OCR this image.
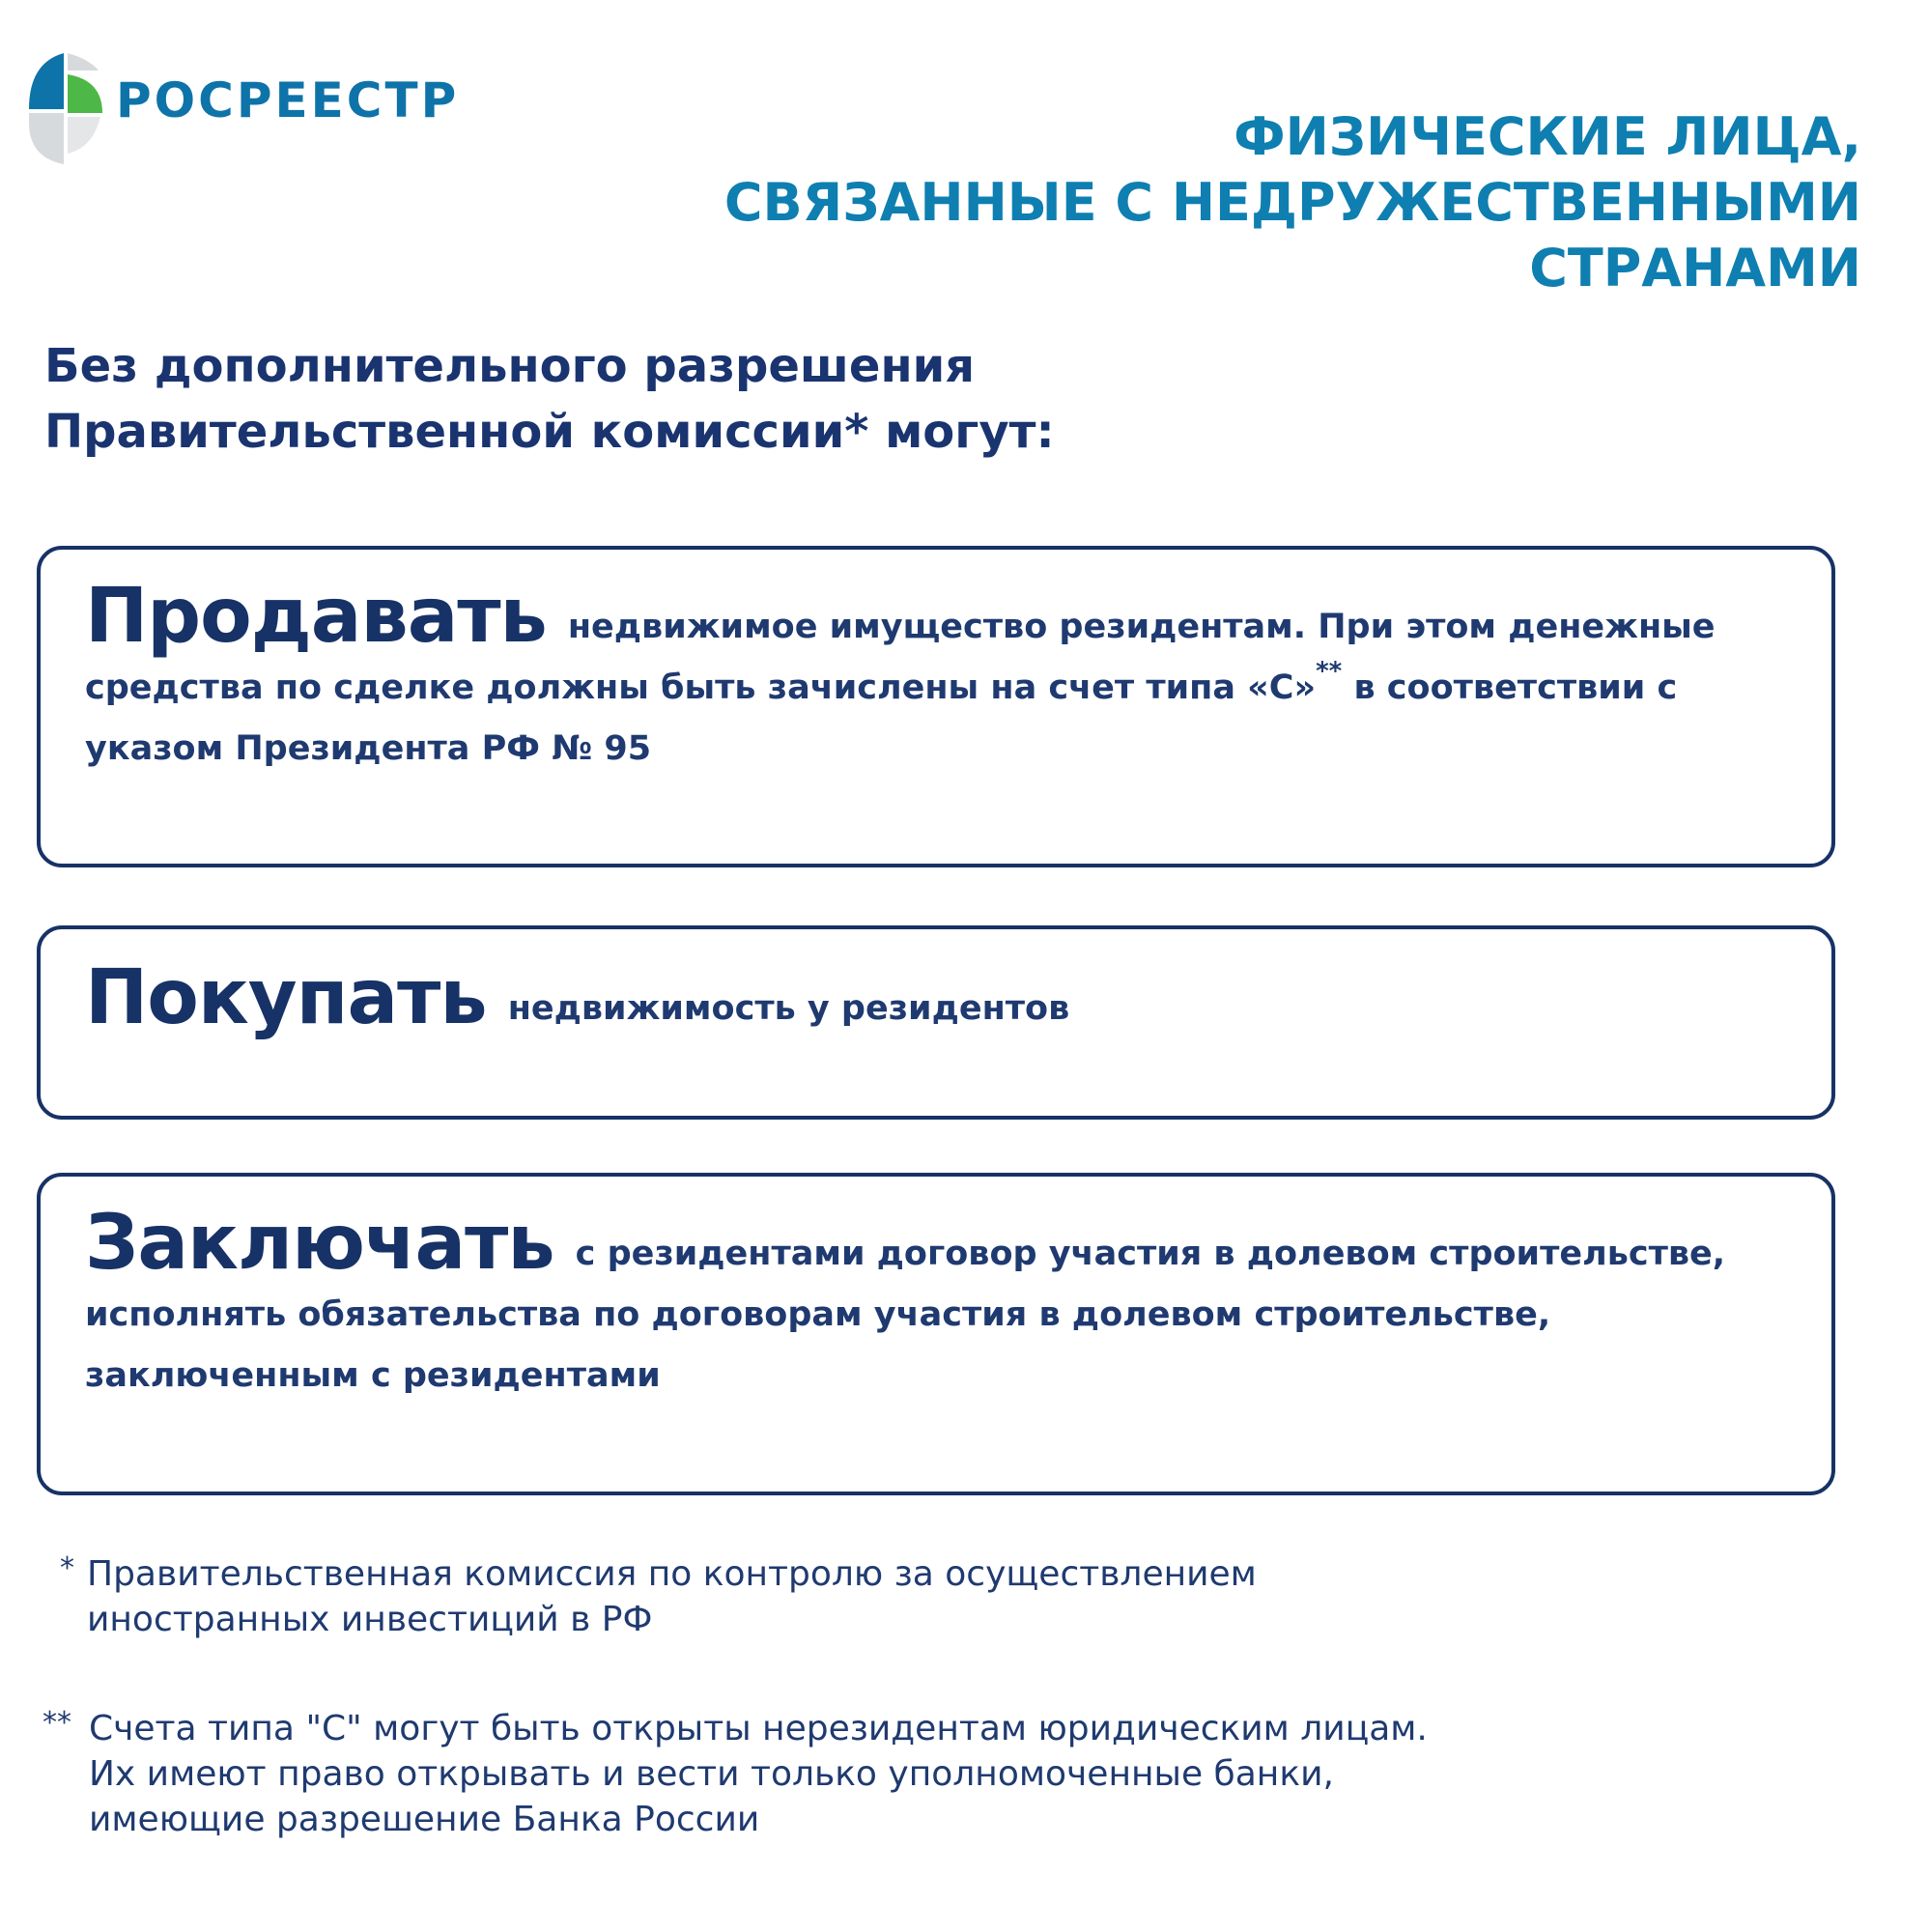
РОСРЕЕСТР
ФИЗИЧЕСКИЕ ЛИЦА,
СВЯЗАННЫЕ С НЕДРУЖЕСТВЕННЫМИ
СТРАНАМИ
Без дополнительного разрешения
Правительственной комиссии* могут:
Продавать недвижимое имущество резидентам. При этом денежные средства по сделке должны быть зачислены на счет типа «С»** в соответствии с указом Президента РФ № 95
Покупать недвижимость у резидентов
Заключать с резидентами договор участия в долевом строительстве, исполнять обязательства по договорам участия в долевом строительстве, заключенным с резидентами
* Правительственная комиссия по контролю за осуществлением
иностранных инвестиций в РФ
** Счета типа "С" могут быть открыты нерезидентам юридическим лицам.
Их имеют право открывать и вести только уполномоченные банки,
имеющие разрешение Банка России
